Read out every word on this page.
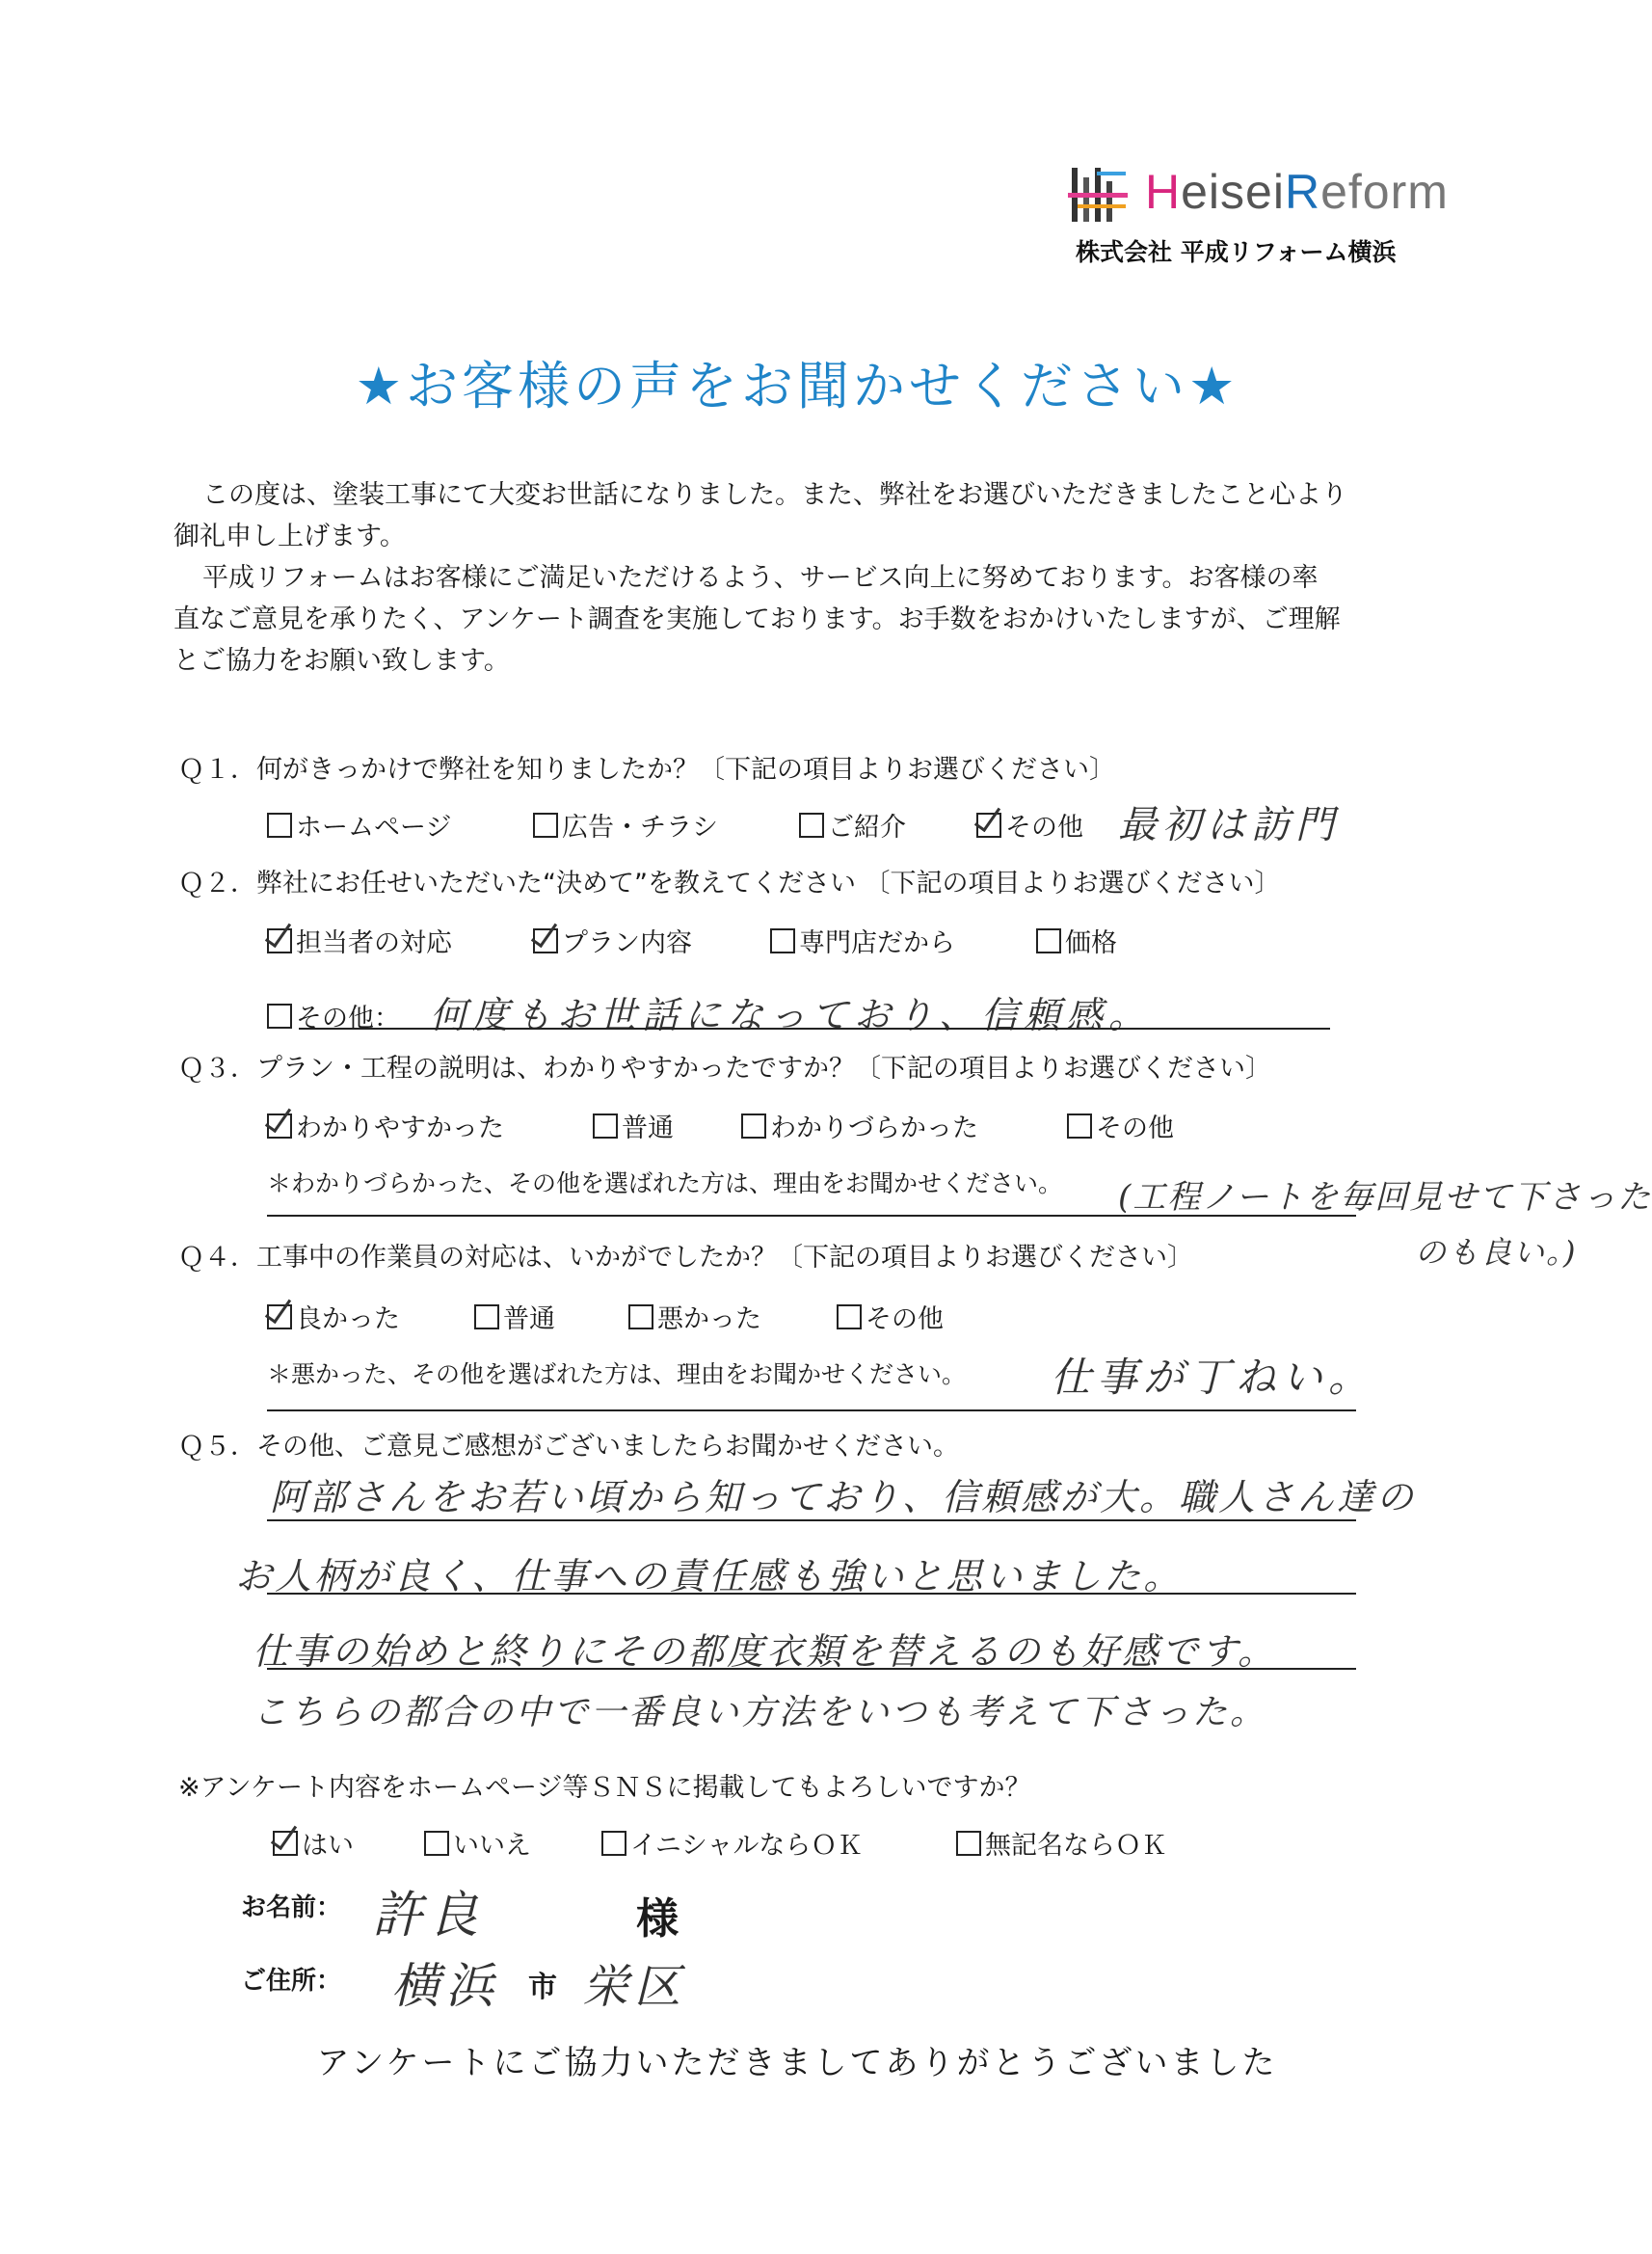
HeiseiReform
株式会社 平成リフォーム横浜
★お客様の声をお聞かせください★

この度は、塗装工事にて大変お世話になりました。また、弊社をお選びいただきましたこと心より

御礼申し上げます。

平成リフォームはお客様にご満足いただけるよう、サービス向上に努めております。お客様の率

直なご意見を承りたく、アンケート調査を実施しております。お手数をおかけいたしますが、ご理解

とご協力をお願い致します。

Ｑ１．何がきっかけで弊社を知りましたか？〔下記の項目よりお選びください〕
ホームページ	広告・チラシ	ご紹介	その他 最初は訪門
Ｑ２．弊社にお任せいただいた“決めて”を教えてください 〔下記の項目よりお選びください〕
担当者の対応	プラン内容	専門店だから	価格
その他： 何度もお世話になっており、信頼感。
Ｑ３．プラン・工程の説明は、わかりやすかったですか？〔下記の項目よりお選びください〕
わかりやすかった	普通	わかりづらかった	その他
＊わかりづらかった、その他を選ばれた方は、理由をお聞かせください。 (工程ノートを毎回見せて下さった
のも良い。)
Ｑ４．工事中の作業員の対応は、いかがでしたか？〔下記の項目よりお選びください〕
良かった	普通	悪かった	その他
＊悪かった、その他を選ばれた方は、理由をお聞かせください。 仕事が丁ねい。
Ｑ５．その他、ご意見ご感想がございましたらお聞かせください。
阿部さんをお若い頃から知っており、信頼感が大。職人さん達の
お人柄が良く、仕事への責任感も強いと思いました。
仕事の始めと終りにその都度衣類を替えるのも好感です。
こちらの都合の中で一番良い方法をいつも考えて下さった。
※アンケート内容をホームページ等ＳＮＳに掲載してもよろしいですか？
はい	いいえ	イニシャルならＯＫ	無記名ならＯＫ
お名前： 許良	様
ご住所： 横浜 市 栄区
アンケートにご協力いただきましてありがとうございました
